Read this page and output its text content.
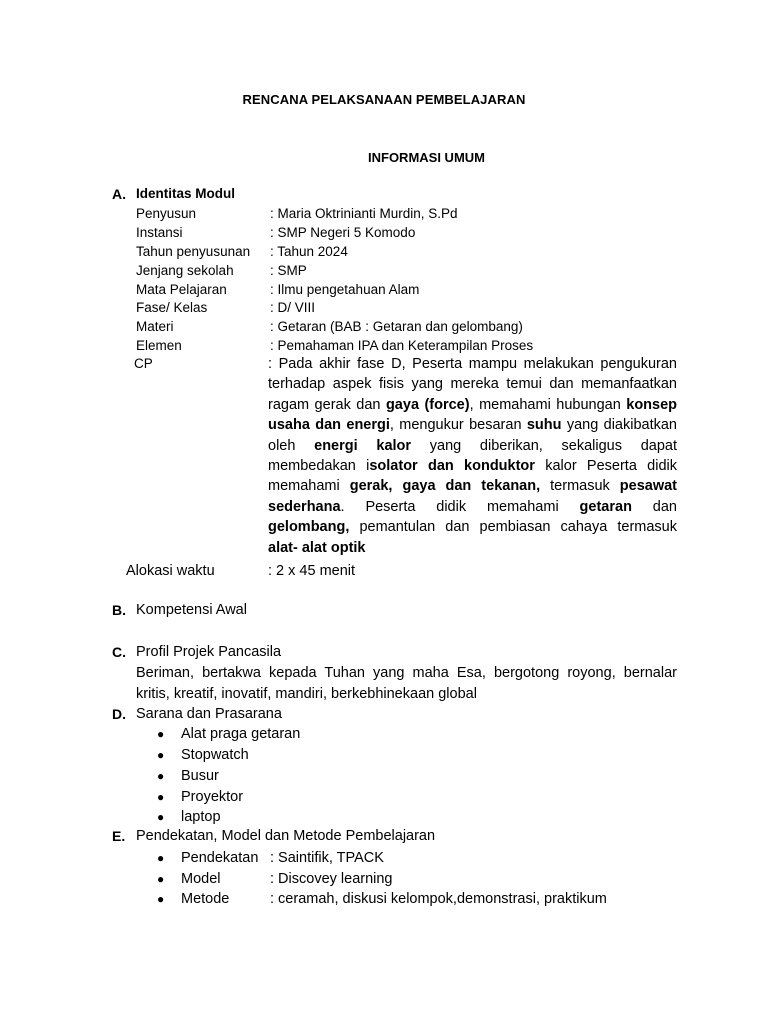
RENCANA PELAKSANAAN PEMBELAJARAN
INFORMASI UMUM
A. Identitas Modul
Penyusun	: Maria Oktrinianti Murdin, S.Pd
Instansi	: SMP Negeri 5 Komodo
Tahun penyusunan : Tahun 2024
Jenjang sekolah	: SMP
Mata Pelajaran	: Ilmu pengetahuan Alam
Fase/ Kelas	: D/ VIII
Materi	: Getaran (BAB : Getaran dan gelombang)
Elemen	: Pemahaman IPA dan Keterampilan Proses
CP	: Pada akhir fase D, Peserta mampu melakukan pengukuran terhadap aspek fisis yang mereka temui dan memanfaatkan ragam gerak dan gaya (force), memahami hubungan konsep usaha dan energi, mengukur besaran suhu yang diakibatkan oleh energi kalor yang diberikan, sekaligus dapat membedakan isolator dan konduktor kalor Peserta didik memahami gerak, gaya dan tekanan, termasuk pesawat sederhana. Peserta didik memahami getaran dan gelombang, pemantulan dan pembiasan cahaya termasuk alat- alat optik
Alokasi waktu	: 2 x 45 menit
B. Kompetensi Awal
C. Profil Projek Pancasila
Beriman, bertakwa kepada Tuhan yang maha Esa, bergotong royong, bernalar kritis, kreatif, inovatif, mandiri, berkebhinekaan global
D. Sarana dan Prasarana
●	Alat praga getaran
●	Stopwatch
●	Busur
●	Proyektor
●	laptop
E. Pendekatan, Model dan Metode Pembelajaran
●	Pendekatan : Saintifik, TPACK
●	Model	: Discovey learning
●	Metode	: ceramah, diskusi kelompok,demonstrasi, praktikum
